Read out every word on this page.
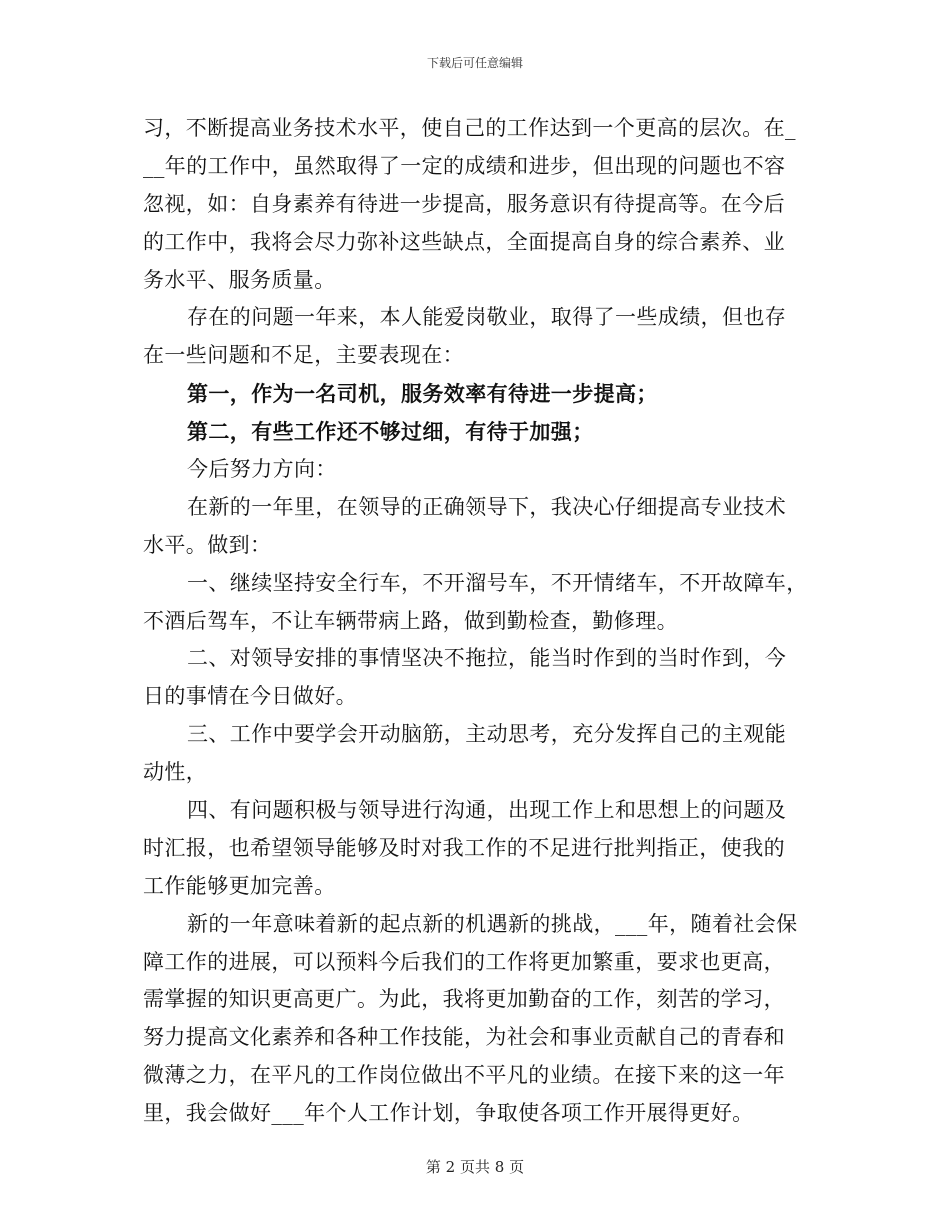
下载后可任意编辑
习，不断提高业务技术水平，使自己的工作达到一个更高的层次。在_
__年的工作中，虽然取得了一定的成绩和进步，但出现的问题也不容
忽视，如：自身素养有待进一步提高，服务意识有待提高等。在今后
的工作中，我将会尽力弥补这些缺点，全面提高自身的综合素养、业
务水平、服务质量。
存在的问题一年来，本人能爱岗敬业，取得了一些成绩，但也存
在一些问题和不足，主要表现在：
第一，作为一名司机，服务效率有待进一步提高；
第二，有些工作还不够过细，有待于加强；
今后努力方向：
在新的一年里，在领导的正确领导下，我决心仔细提高专业技术
水平。做到：
一、继续坚持安全行车，不开溜号车，不开情绪车，不开故障车，
不酒后驾车，不让车辆带病上路，做到勤检查，勤修理。
二、对领导安排的事情坚决不拖拉，能当时作到的当时作到，今
日的事情在今日做好。
三、工作中要学会开动脑筋，主动思考，充分发挥自己的主观能
动性，
四、有问题积极与领导进行沟通，出现工作上和思想上的问题及
时汇报，也希望领导能够及时对我工作的不足进行批判指正，使我的
工作能够更加完善。
新的一年意味着新的起点新的机遇新的挑战，___年，随着社会保
障工作的进展，可以预料今后我们的工作将更加繁重，要求也更高，
需掌握的知识更高更广。为此，我将更加勤奋的工作，刻苦的学习，
努力提高文化素养和各种工作技能，为社会和事业贡献自己的青春和
微薄之力，在平凡的工作岗位做出不平凡的业绩。在接下来的这一年
里，我会做好___年个人工作计划，争取使各项工作开展得更好。
第 2 页共 8 页
